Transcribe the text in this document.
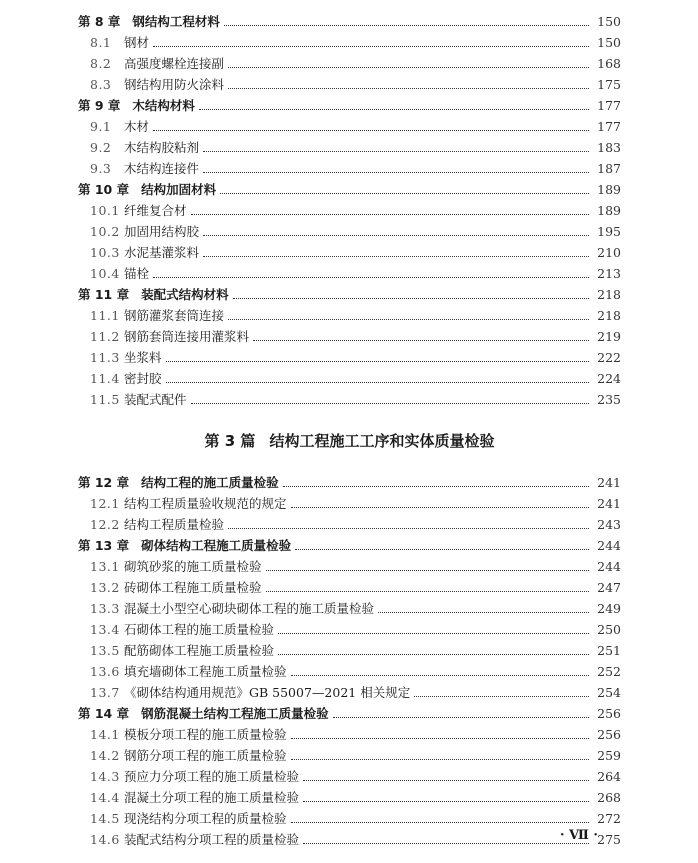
第 8 章 钢结构工程材料	150
8.1	钢材	150
8.2	高强度螺栓连接副	168
8.3	钢结构用防火涂料	175
第 9 章 木结构材料	177
9.1	木材	177
9.2	木结构胶粘剂	183
9.3	木结构连接件	187
第 10 章 结构加固材料	189
10.1 纤维复合材	189
10.2 加固用结构胶	195
10.3 水泥基灌浆料	210
10.4 锚栓	213
第 11 章 装配式结构材料	218
11.1 钢筋灌浆套筒连接	218
11.2 钢筋套筒连接用灌浆料	219
11.3 坐浆料	222
11.4 密封胶	224
11.5 装配式配件	235
第 3 篇 结构工程施工工序和实体质量检验
第 12 章 结构工程的施工质量检验	241
12.1 结构工程质量验收规范的规定	241
12.2 结构工程质量检验	243
第 13 章 砌体结构工程施工质量检验	244
13.1 砌筑砂浆的施工质量检验	244
13.2 砖砌体工程施工质量检验	247
13.3 混凝土小型空心砌块砌体工程的施工质量检验	249
13.4 石砌体工程的施工质量检验	250
13.5 配筋砌体工程施工质量检验	251
13.6 填充墙砌体工程施工质量检验	252
13.7 《砌体结构通用规范》GB 55007—2021 相关规定	254
第 14 章 钢筋混凝土结构工程施工质量检验	256
14.1 模板分项工程的施工质量检验	256
14.2 钢筋分项工程的施工质量检验	259
14.3 预应力分项工程的施工质量检验	264
14.4 混凝土分项工程的施工质量检验	268
14.5 现浇结构分项工程的质量检验	272
14.6 装配式结构分项工程的质量检验	275
· Ⅶ ·
